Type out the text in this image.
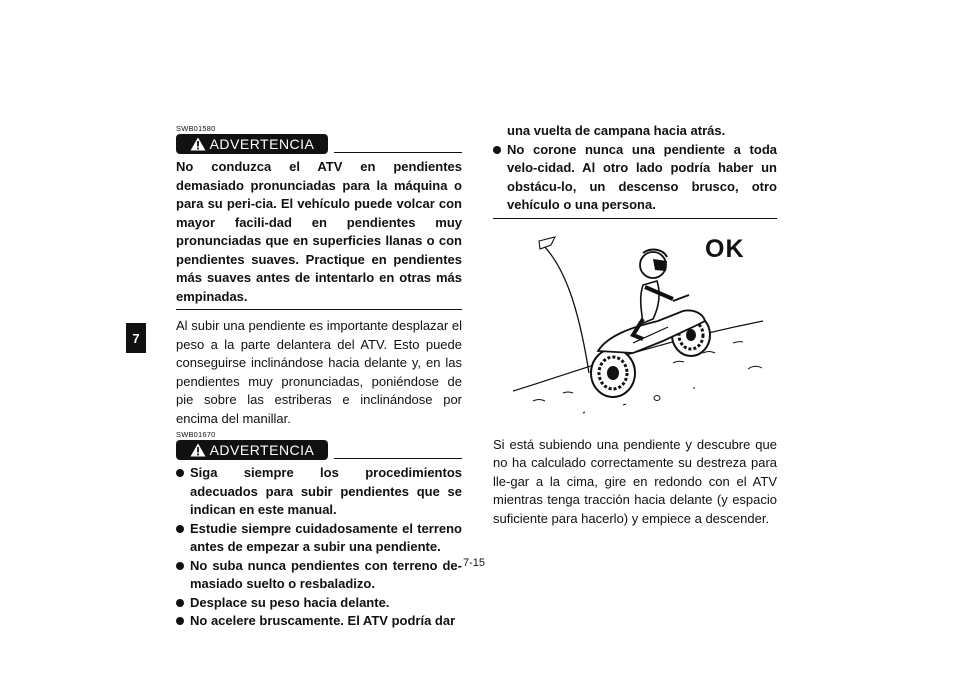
7
SWB01580
ADVERTENCIA

No conduzca el ATV en pendientes demasiado pronunciadas para la máquina o para su peri-cia. El vehículo puede volcar con mayor facili-dad en pendientes muy pronunciadas que en superficies llanas o con pendientes suaves. Practique en pendientes más suaves antes de intentarlo en otras más empinadas.

Al subir una pendiente es importante desplazar el peso a la parte delantera del ATV. Esto puede conseguirse inclinándose hacia delante y, en las pendientes muy pronunciadas, poniéndose de pie sobre las estriberas e inclinándose por encima del manillar.

SWB01670
ADVERTENCIA
Siga siempre los procedimientos adecuados para subir pendientes que se indican en este manual.
Estudie siempre cuidadosamente el terreno antes de empezar a subir una pendiente.
No suba nunca pendientes con terreno de-masiado suelto o resbaladizo.
Desplace su peso hacia delante.
No acelere bruscamente. El ATV podría dar
una vuelta de campana hacia atrás.
No corone nunca una pendiente a toda velo-cidad. Al otro lado podría haber un obstácu-lo, un descenso brusco, otro vehículo o una persona.
OK

Si está subiendo una pendiente y descubre que no ha calculado correctamente su destreza para lle-gar a la cima, gire en redondo con el ATV mientras tenga tracción hacia delante (y espacio suficiente para hacerlo) y empiece a descender.

7-15
